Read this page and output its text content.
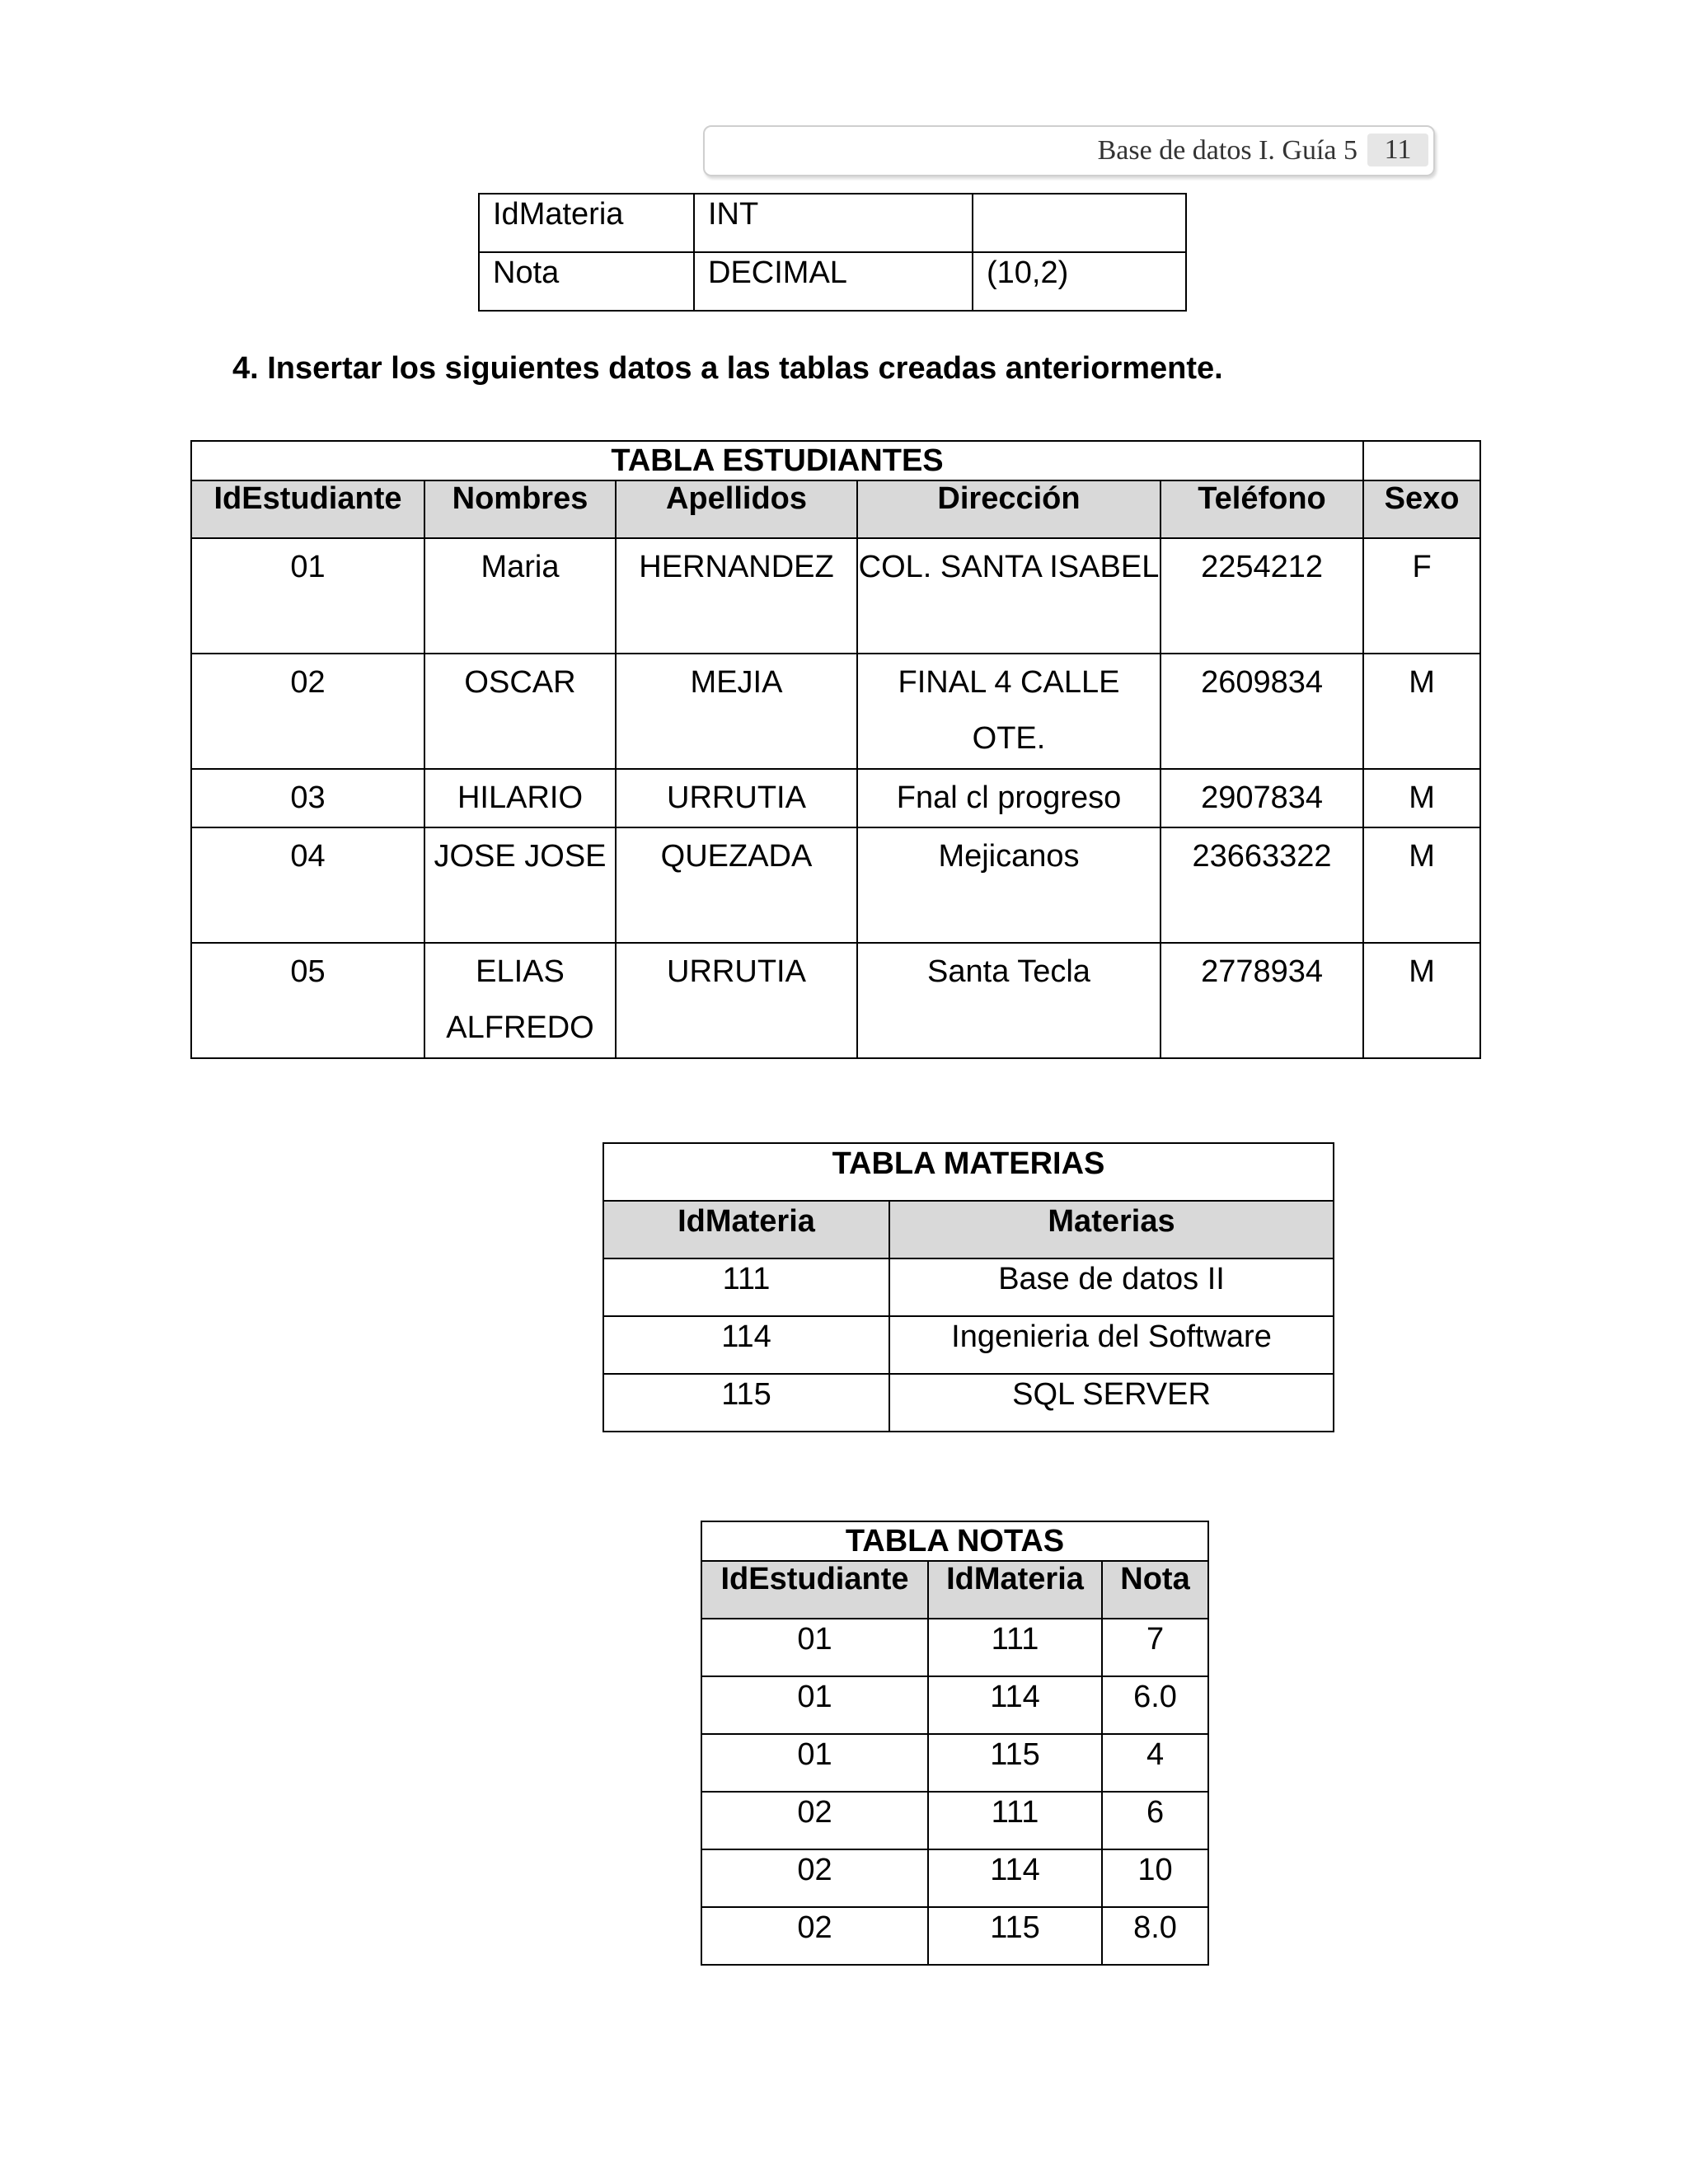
Base de datos I. Guía 5 11
IdMateria	INT	
Nota	DECIMAL	(10,2)
4. Insertar los siguientes datos a las tablas creadas anteriormente.
TABLA ESTUDIANTES					
IdEstudiante	Nombres	Apellidos	Dirección	Teléfono	Sexo
01	Maria	HERNANDEZ	COL. SANTA ISABEL	2254212	F
02	OSCAR	MEJIA	FINAL 4 CALLE OTE.	2609834	M
03	HILARIO	URRUTIA	Fnal cl progreso	2907834	M
04	JOSE JOSE	QUEZADA	Mejicanos	23663322	M
05	ELIAS ALFREDO	URRUTIA	Santa Tecla	2778934	M
TABLA MATERIAS	
IdMateria	Materias
111	Base de datos II
114	Ingenieria del Software
115	SQL SERVER
TABLA NOTAS		
IdEstudiante	IdMateria	Nota
01	111	7
01	114	6.0
01	115	4
02	111	6
02	114	10
02	115	8.0
